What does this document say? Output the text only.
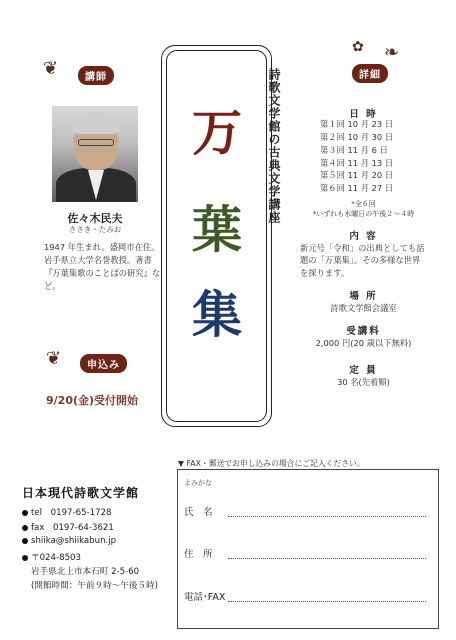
❦	講師	詳細
❧
✿
詩歌文学館の古典文学講座
万
葉
集
佐々木民夫
ささき・たみお
1947 年生まれ。盛岡市在住。岩手県立大学名誉教授。著書『万葉集歌のことばの研究』など。
❦	申込み
9/20(金)受付開始
日 時
第１回 10 月 23 日
第２回 10 月 30 日
第３回 11 月 6 日
第４回 11 月 13 日
第５回 11 月 20 日
第６回 11 月 27 日
*全６回
*いずれも水曜日の午後２～４時
内 容
新元号「令和」の出典としても話題の「万葉集」。その多様な世界を探ります。
場 所
詩歌文学館会議室
受講料
2,000 円(20 歳以下無料)
定 員
30 名(先着順)
日本現代詩歌文学館
tel　0197-65-1728
fax　0197-64-3621
shiika@shiikabun.jp
〒024-8503
岩手県北上市本石町 2-5-60
(開館時間：午前９時～午後５時)
▼ FAX・郵送でお申し込みの場合にご記入ください。
よみがな
氏　名
住　所
電話･FAX
